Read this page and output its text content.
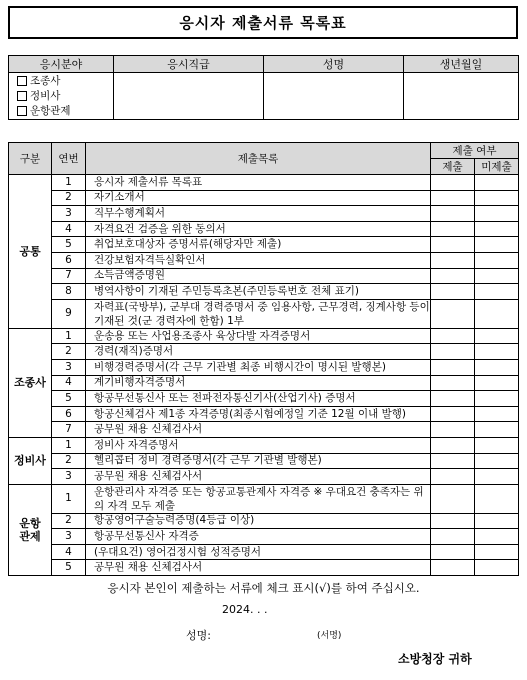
응시자 제출서류 목록표
응시분야	응시직급	성명	생년월일

조종사
정비사
운항관제			

구분	연번	제출목록	제출 여부	
			제출	미제출
공통	1	응시자 제출서류 목록표		
	2	자기소개서		
	3	직무수행계획서		
	4	자격요건 검증을 위한 동의서		
	5	취업보호대상자 증명서류(해당자만 제출)		
	6	건강보험자격득실확인서		
	7	소득금액증명원		
	8	병역사항이 기재된 주민등록초본(주민등록번호 전체 표기)		
	9	자력표(국방부), 군부대 경력증명서 중 임용사항, 근무경력, 징계사항 등이 기재된 것(군 경력자에 한함) 1부		
조종사	1	운송용 또는 사업용조종사 육상다발 자격증명서		
	2	경력(재직)증명서		
	3	비행경력증명서(각 근무 기관별 최종 비행시간이 명시된 발행본)		
	4	계기비행자격증명서		
	5	항공무선통신사 또는 전파전자통신기사(산업기사) 증명서		
	6	항공신체검사 제1종 자격증명(최종시험예정일 기준 12월 이내 발행)		
	7	공무원 채용 신체검사서		
정비사	1	정비사 자격증명서		
	2	헬리콥터 정비 경력증명서(각 근무 기관별 발행본)		
	3	공무원 채용 신체검사서		
운항
관제	1	운항관리사 자격증 또는 항공교통관제사 자격증 ※ 우대요건 충족자는 위의 자격 모두 제출		
	2	항공영어구술능력증명(4등급 이상)		
	3	항공무선통신사 자격증		
	4	(우대요건) 영어검정시험 성적증명서		
	5	공무원 채용 신체검사서		
응시자 본인이 제출하는 서류에 체크 표시(√)를 하여 주십시오.
2024. . .
성명:	(서명)
소방청장 귀하
